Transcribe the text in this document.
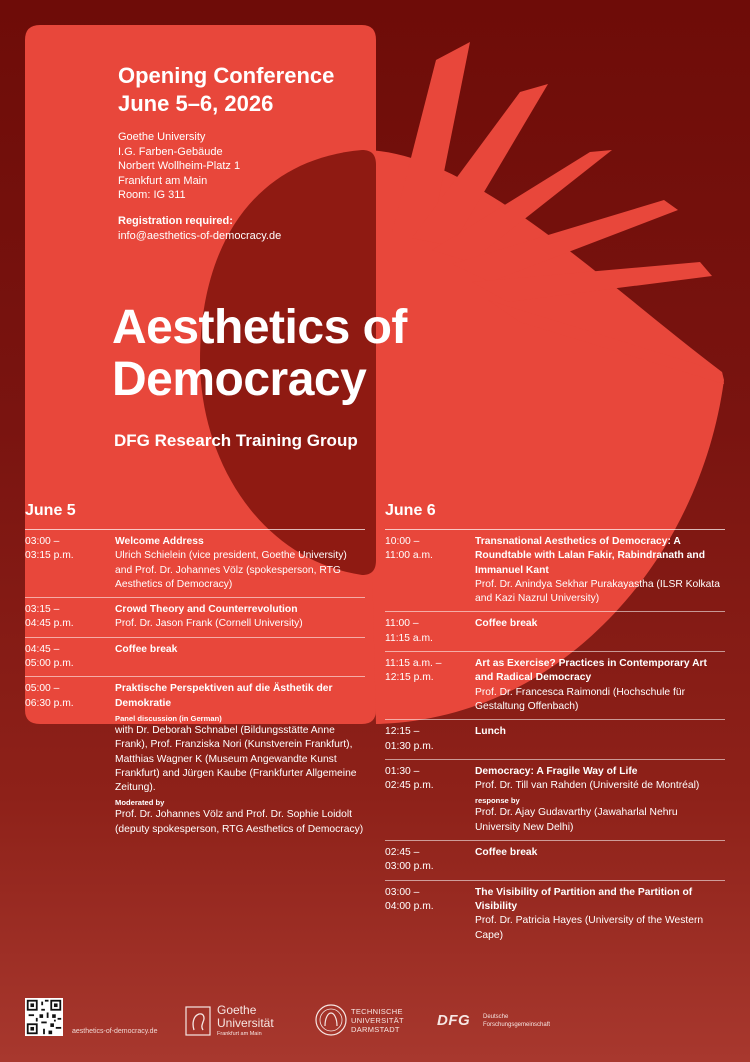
Opening Conference
June 5–6, 2026
Goethe University
I.G. Farben-Gebäude
Norbert Wollheim-Platz 1
Frankfurt am Main
Room: IG 311
Registration required:
info@aesthetics-of-democracy.de
Aesthetics of
Democracy
DFG Research Training Group
June 5
03:00 –
03:15 p.m.
Welcome Address
Ulrich Schielein (vice president, Goethe University) and Prof. Dr. Johannes Völz (spokesperson, RTG Aesthetics of Democracy)
03:15 –
04:45 p.m.
Crowd Theory and Counterrevolution
Prof. Dr. Jason Frank (Cornell University)
04:45 –
05:00 p.m.
Coffee break
05:00 –
06:30 p.m.
Praktische Perspektiven auf die Ästhetik der Demokratie
Panel discussion (in German)
with Dr. Deborah Schnabel (Bildungsstätte Anne Frank), Prof. Franziska Nori (Kunstverein Frankfurt), Matthias Wagner K (Museum Angewandte Kunst Frankfurt) and Jürgen Kaube (Frankfurter Allgemeine Zeitung).
Moderated by
Prof. Dr. Johannes Völz and Prof. Dr. Sophie Loidolt (deputy spokesperson, RTG Aesthetics of Democracy)
June 6
10:00 –
11:00 a.m.
Transnational Aesthetics of Democracy: A Roundtable with Lalan Fakir, Rabindranath and Immanuel Kant
Prof. Dr. Anindya Sekhar Purakayastha (ILSR Kolkata and Kazi Nazrul University)
11:00 –
11:15 a.m.
Coffee break
11:15 a.m. –
12:15 p.m.
Art as Exercise? Practices in Contemporary Art and Radical Democracy
Prof. Dr. Francesca Raimondi (Hochschule für Gestaltung Offenbach)
12:15 –
01:30 p.m.
Lunch
01:30 –
02:45 p.m.
Democracy: A Fragile Way of Life
Prof. Dr. Till van Rahden (Université de Montréal)
response by
Prof. Dr. Ajay Gudavarthy (Jawaharlal Nehru University New Delhi)
02:45 –
03:00 p.m.
Coffee break
03:00 –
04:00 p.m.
The Visibility of Partition and the Partition of Visibility
Prof. Dr. Patricia Hayes (University of the Western Cape)
aesthetics-of-democracy.de
Goethe
Universität
Frankfurt am Main
TECHNISCHE
UNIVERSITÄT
DARMSTADT
DFG Deutsche
Forschungsgemeinschaft
